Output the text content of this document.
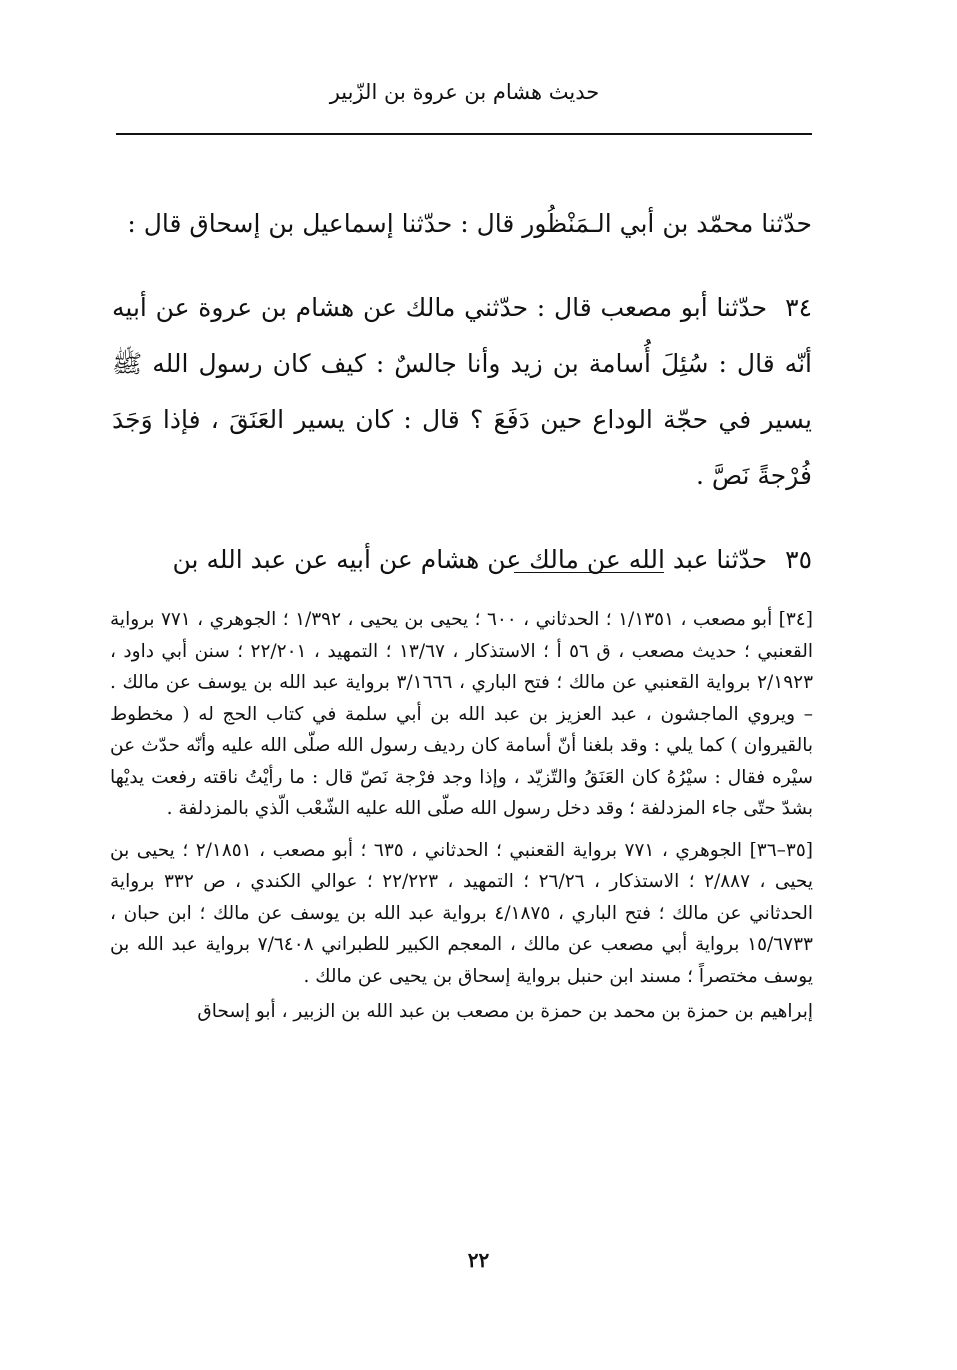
حديث هشام بن عروة بن الزّبير

حدّثنا محمّد بن أبي الـمَنْظُور قال : حدّثنا إسماعيل بن إسحاق قال :

٣٤حدّثنا أبو مصعب قال : حدّثني مالك عن هشام بن عروة عن أبيه أنّه قال : سُئِلَ أُسامة بن زيد وأنا جالسٌ : كيف كان رسول الله ﷺ يسير في حجّة الوداع حين دَفَعَ ؟ قال : كان يسير العَنَقَ ، فإذا وَجَدَ فُرْجةً نَصَّ .

٣٥حدّثنا عبد الله عن مالك عن هشام عن أبيه عن عبد الله بن

[٣٤] أبو مصعب ، ١/١٣٥١ ؛ الحدثاني ، ٦٠٠ ؛ يحيى بن يحيى ، ١/٣٩٢ ؛ الجوهري ، ٧٧١ برواية القعنبي ؛ حديث مصعب ، ق ٥٦ أ ؛ الاستذكار ، ١٣/٦٧ ؛ التمهيد ، ٢٢/٢٠١ ؛ سنن أبي داود ، ٢/١٩٢٣ برواية القعنبي عن مالك ؛ فتح الباري ، ٣/١٦٦٦ برواية عبد الله بن يوسف عن مالك . – ويروي الماجشون ، عبد العزيز بن عبد الله بن أبي سلمة في كتاب الحج له ( مخطوط بالقيروان ) كما يلي : وقد بلغنا أنّ أسامة كان رديف رسول الله صلّى الله عليه وأنّه حدّث عن سيْره فقال : سيْرُهُ كان العَنَقُ والتّزيّد ، وإذا وجد فرْجة نَصّ قال : ما رأيْتُ ناقته رفعت يديْها بشدّ حتّى جاء المزدلفة ؛ وقد دخل رسول الله صلّى الله عليه الشّعْب الّذي بالمزدلفة .

[٣٥–٣٦] الجوهري ، ٧٧١ برواية القعنبي ؛ الحدثاني ، ٦٣٥ ؛ أبو مصعب ، ٢/١٨٥١ ؛ يحيى بن يحيى ، ٢/٨٨٧ ؛ الاستذكار ، ٢٦/٢٦ ؛ التمهيد ، ٢٢/٢٢٣ ؛ عوالي الكندي ، ص ٣٣٢ برواية الحدثاني عن مالك ؛ فتح الباري ، ٤/١٨٧٥ برواية عبد الله بن يوسف عن مالك ؛ ابن حبان ، ١٥/٦٧٣٣ برواية أبي مصعب عن مالك ، المعجم الكبير للطبراني ٧/٦٤٠٨ برواية عبد الله بن يوسف مختصراً ؛ مسند ابن حنبل برواية إسحاق بن يحيى عن مالك .

إبراهيم بن حمزة بن محمد بن حمزة بن مصعب بن عبد الله بن الزبير ، أبو إسحاق

٢٢
